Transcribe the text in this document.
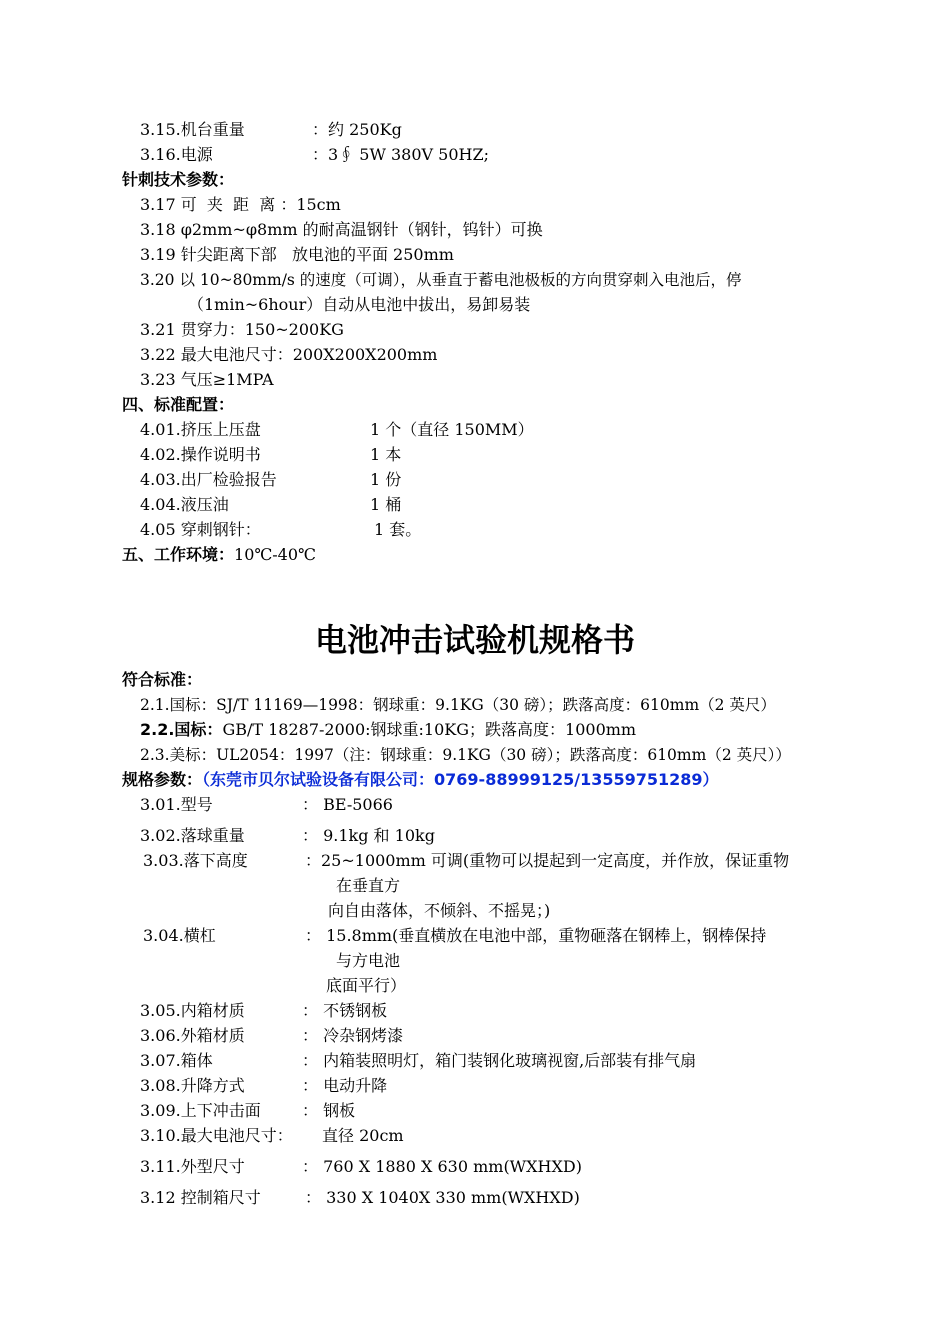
3.15.机台重量	：约 250Kg
3.16.电源	：3∮ 5W 380V 50HZ;
针刺技术参数：
3.17 可  夹  距  离 ：15cm
3.18 φ2mm~φ8mm 的耐高温钢针（钢针，钨针）可换
3.19 针尖距离下部   放电池的平面 250mm
3.20 以 10~80mm/s 的速度（可调），从垂直于蓄电池极板的方向贯穿刺入电池后，停
（1min~6hour）自动从电池中拔出，易卸易装
3.21 贯穿力：150~200KG
3.22 最大电池尺寸：200X200X200mm
3.23 气压≥1MPA
四、标准配置：
4.01.挤压上压盘	1 个（直径 150MM）
4.02.操作说明书	1 本
4.03.出厂检验报告	1 份
4.04.液压油	1 桶
4.05 穿刺钢针：	1 套。
五、工作环境：10℃-40℃
电池冲击试验机规格书
符合标准：
2.1.国标：SJ/T 11169—1998：钢球重：9.1KG（30 磅）；跌落高度：610mm（2 英尺）
2.2.国标：GB/T 18287-2000:钢球重:10KG；跌落高度：1000mm
2.3.美标：UL2054：1997（注：钢球重：9.1KG（30 磅）；跌落高度：610mm（2 英尺））
规格参数：（东莞市贝尔试验设备有限公司：0769-88999125/13559751289）
3.01.型号	： BE-5066
3.02.落球重量	： 9.1kg 和 10kg
3.03.落下高度	：25~1000mm 可调(重物可以提起到一定高度，并作放，保证重物
在垂直方
向自由落体，不倾斜、不摇晃；)
3.04.横杠	： 15.8mm(垂直横放在电池中部，重物砸落在钢棒上，钢棒保持
与方电池
底面平行）
3.05.内箱材质	： 不锈钢板
3.06.外箱材质	： 冷杂钢烤漆
3.07.箱体	： 内箱装照明灯，箱门装钢化玻璃视窗,后部装有排气扇
3.08.升降方式	： 电动升降
3.09.上下冲击面	： 钢板
3.10.最大电池尺寸： 直径 20cm
3.11.外型尺寸	： 760 X 1880 X 630 mm(WXHXD)
3.12 控制箱尺寸	： 330 X 1040X 330 mm(WXHXD)
